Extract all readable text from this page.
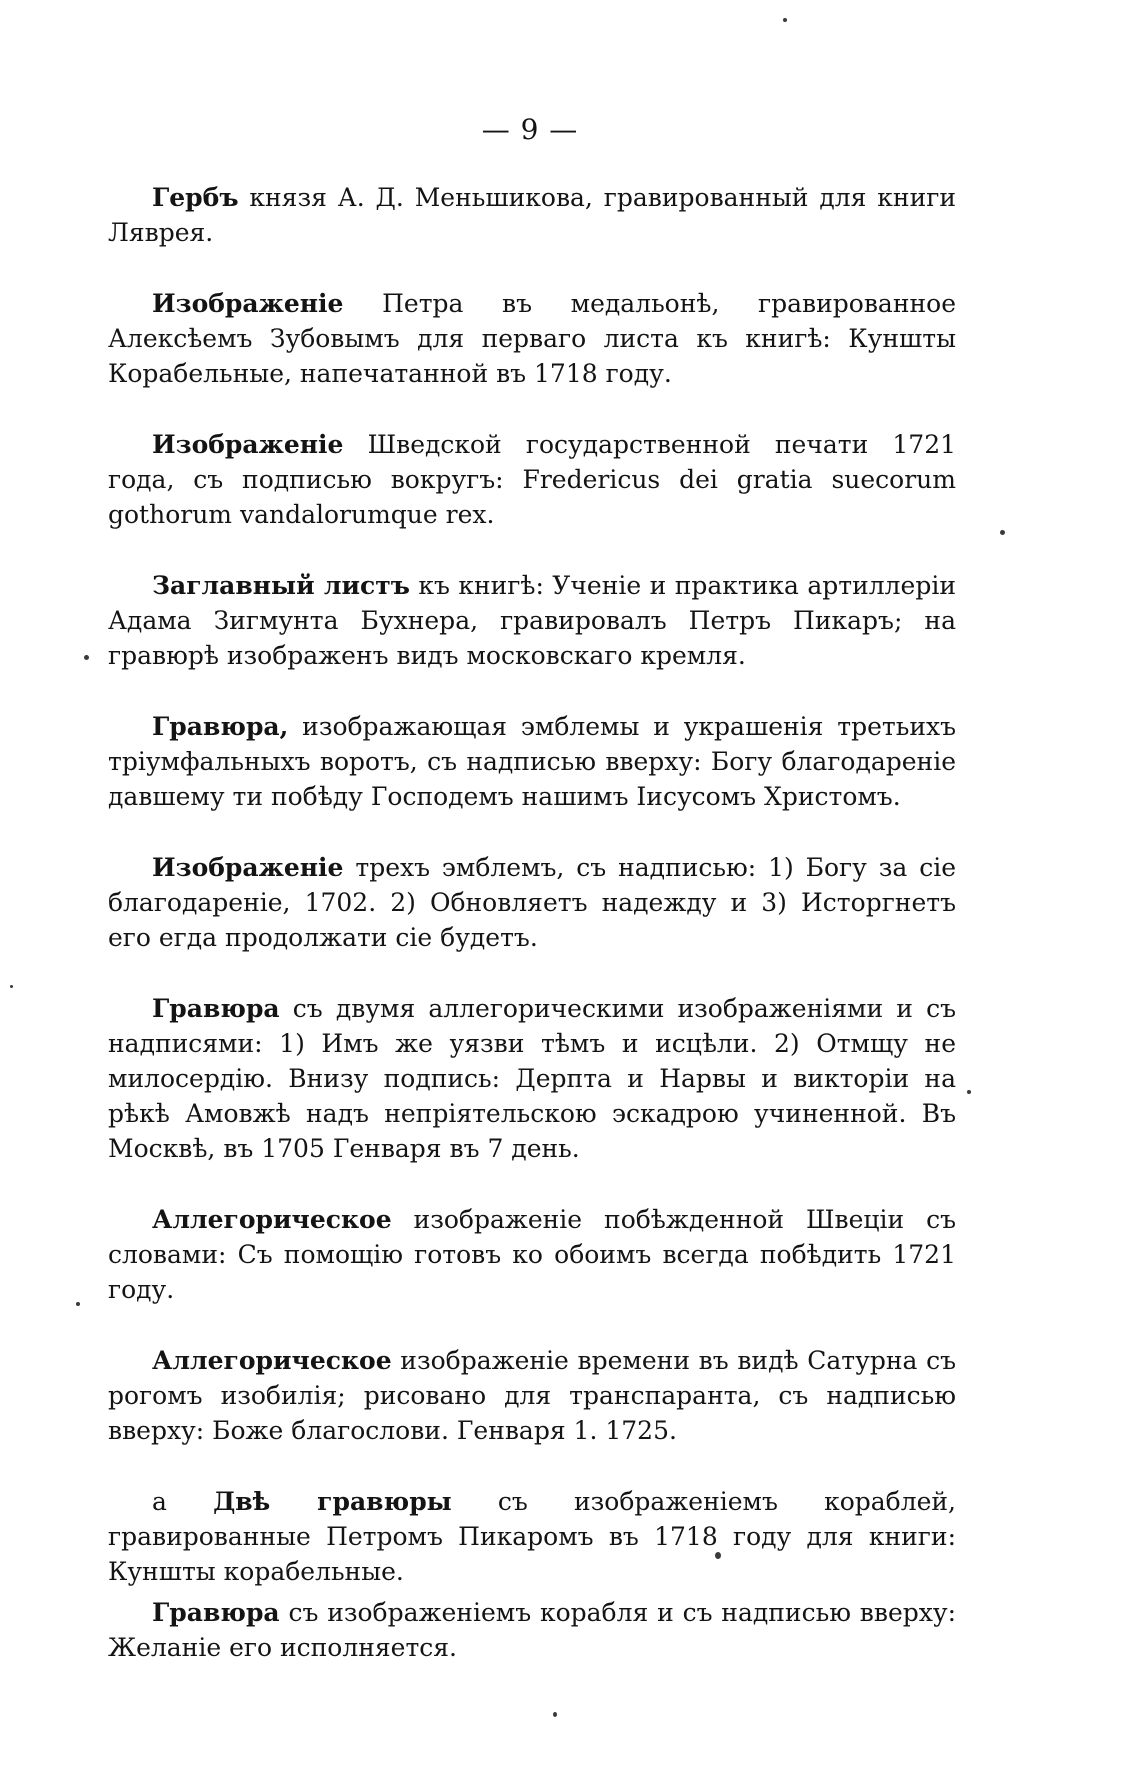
— 9 —

Гербъ князя А. Д. Меньшикова, гравированный для книги Ляврея.

Изображеніе Петра въ медальонѣ, гравированное Алексѣемъ Зубовымъ для перваго листа къ книгѣ: Куншты Корабельные, напечатанной въ 1718 году.

Изображеніе Шведской государственной печати 1721 года, съ подписью вокругъ: Fredericus dei gratia suecorum gothorum vandalorumque rex.

Заглавный листъ къ книгѣ: Ученіе и практика артиллеріи Адама Зигмунта Бухнера, гравировалъ Петръ Пикаръ; на гравюрѣ изображенъ видъ московскаго кремля.

Гравюра, изображающая эмблемы и украшенія третьихъ тріумфальныхъ воротъ, съ надписью вверху: Богу благодареніе давшему ти побѣду Господемъ нашимъ Іисусомъ Христомъ.

Изображеніе трехъ эмблемъ, съ надписью: 1) Богу за сіе благодареніе, 1702. 2) Обновляетъ надежду и 3) Исторгнетъ его егда продолжати сіе будетъ.

Гравюра съ двумя аллегорическими изображеніями и съ надписями: 1) Имъ же уязви тѣмъ и исцѣли. 2) Отмщу не милосердію. Внизу подпись: Дерпта и Нарвы и викторіи на рѣкѣ Амовжѣ надъ непріятельскою эскадрою учиненной. Въ Москвѣ, въ 1705 Генваря въ 7 день.

Аллегорическое изображеніе побѣжденной Швеціи съ словами: Съ помощію готовъ ко обоимъ всегда побѣдить 1721 году.

Аллегорическое изображеніе времени въ видѣ Сатурна съ рогомъ изобилія; рисовано для транспаранта, съ надписью вверху: Боже благослови. Генваря 1. 1725.

а Двѣ гравюры съ изображеніемъ кораблей, гравированные Петромъ Пикаромъ въ 1718 году для книги: Куншты корабельные.

Гравюра съ изображеніемъ корабля и съ надписью вверху: Желаніе его исполняется.
